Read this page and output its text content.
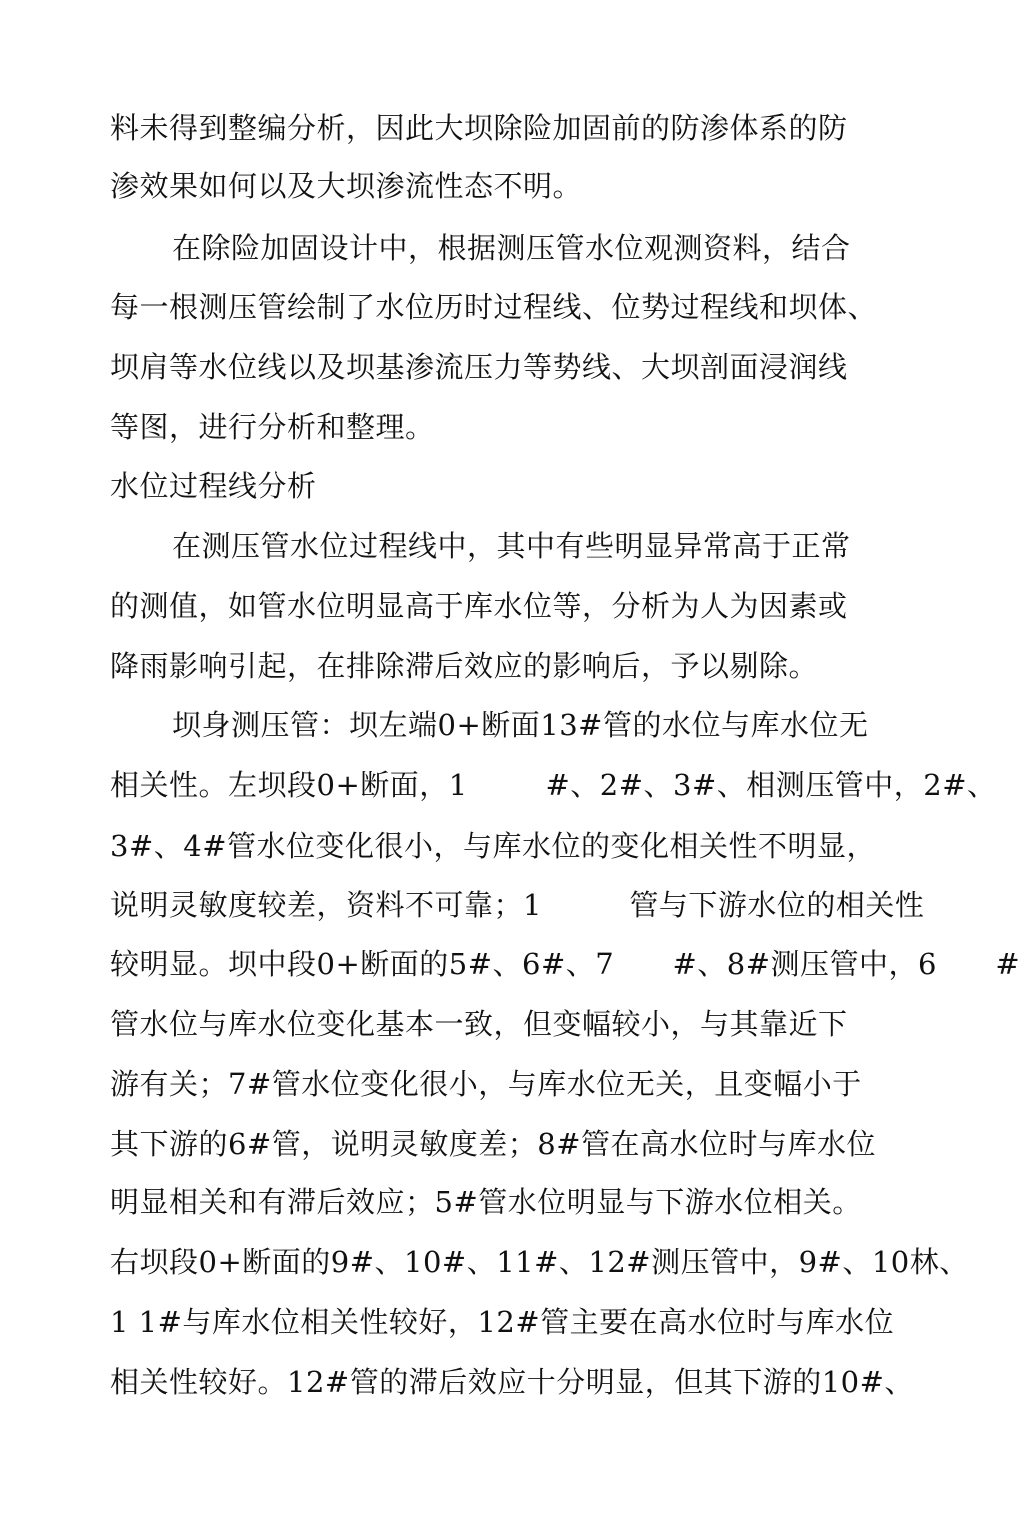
料未得到整编分析，因此大坝除险加固前的防渗体系的防
渗效果如何以及大坝渗流性态不明。
在除险加固设计中，根据测压管水位观测资料，结合
每一根测压管绘制了水位历时过程线、位势过程线和坝体、
坝肩等水位线以及坝基渗流压力等势线、大坝剖面浸润线
等图，进行分析和整理。
水位过程线分析
在测压管水位过程线中，其中有些明显异常高于正常
的测值，如管水位明显高于库水位等，分析为人为因素或
降雨影响引起，在排除滞后效应的影响后，予以剔除。
坝身测压管：坝左端0+断面13#管的水位与库水位无
相关性。左坝段0+断面，1        #、2#、3#、相测压管中，2#、
3#、4#管水位变化很小，与库水位的变化相关性不明显，
说明灵敏度较差，资料不可靠；1         管与下游水位的相关性
较明显。坝中段0+断面的5#、6#、7      #、8#测压管中，6      #
管水位与库水位变化基本一致，但变幅较小，与其靠近下
游有关；7#管水位变化很小，与库水位无关，且变幅小于
其下游的6#管，说明灵敏度差；8#管在高水位时与库水位
明显相关和有滞后效应；5#管水位明显与下游水位相关。
右坝段0+断面的9#、10#、11#、12#测压管中，9#、10林、
1 1#与库水位相关性较好，12#管主要在高水位时与库水位
相关性较好。12#管的滞后效应十分明显，但其下游的10#、
